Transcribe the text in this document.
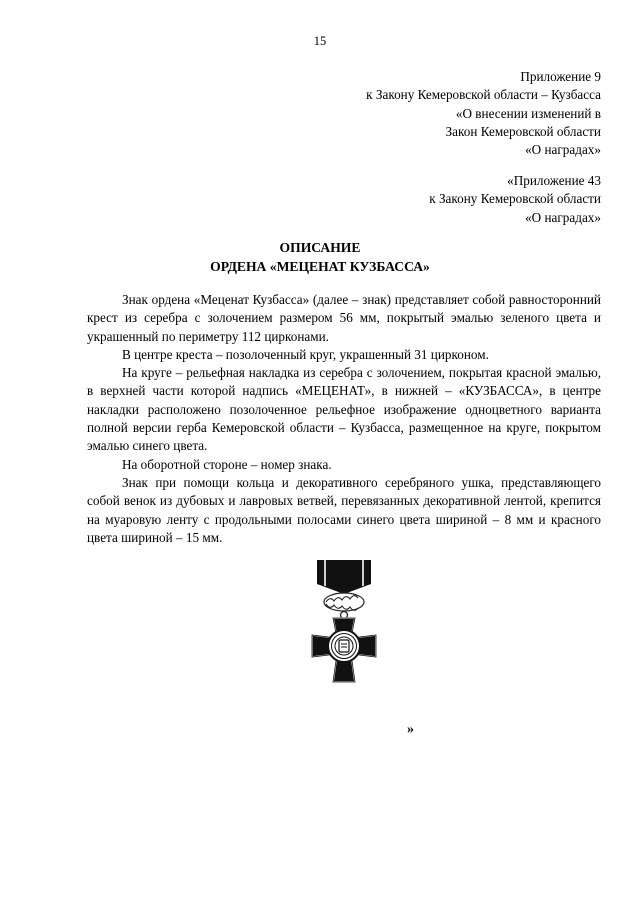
15
Приложение 9
к Закону Кемеровской области – Кузбасса
«О внесении изменений в
Закон Кемеровской области
«О наградах»
«Приложение 43
к Закону Кемеровской области
«О наградах»
ОПИСАНИЕ
ОРДЕНА «МЕЦЕНАТ КУЗБАССА»

Знак ордена «Меценат Кузбасса» (далее – знак) представляет собой равносторонний крест из серебра с золочением размером 56 мм, покрытый эмалью зеленого цвета и украшенный по периметру 112 цирконами.

В центре креста – позолоченный круг, украшенный 31 цирконом.

На круге – рельефная накладка из серебра с золочением, покрытая красной эмалью, в верхней части которой надпись «МЕЦЕНАТ», в нижней – «КУЗБАССА», в центре накладки расположено позолоченное рельефное изображение одноцветного варианта полной версии герба Кемеровской области – Кузбасса, размещенное на круге, покрытом эмалью синего цвета.

На оборотной стороне – номер знака.

Знак при помощи кольца и декоративного серебряного ушка, представляющего собой венок из дубовых и лавровых ветвей, перевязанных декоративной лентой, крепится на муаровую ленту с продольными полосами синего цвета шириной – 8 мм и красного цвета шириной – 15 мм.

»
